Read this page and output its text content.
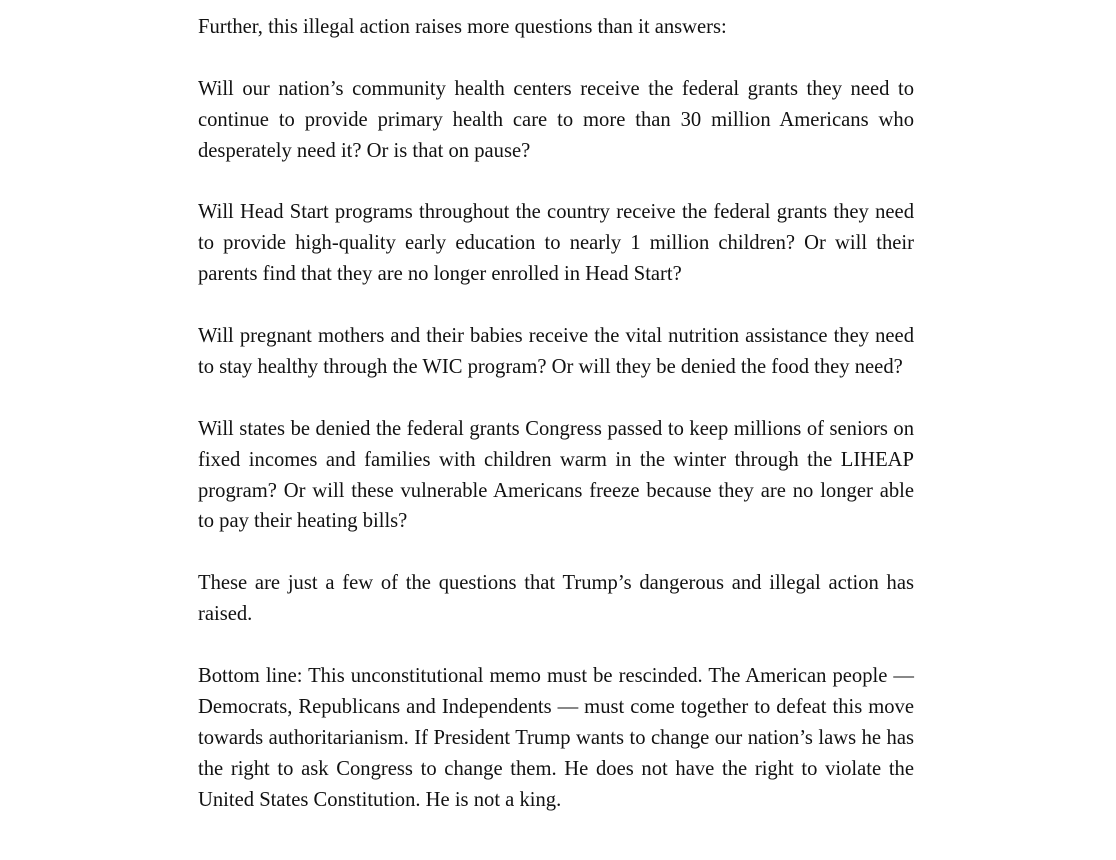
Further, this illegal action raises more questions than it answers:

Will our nation’s community health centers receive the federal grants they need to continue to provide primary health care to more than 30 million Americans who desperately need it? Or is that on pause?

Will Head Start programs throughout the country receive the federal grants they need to provide high-quality early education to nearly 1 million children? Or will their parents find that they are no longer enrolled in Head Start?

Will pregnant mothers and their babies receive the vital nutrition assistance they need to stay healthy through the WIC program? Or will they be denied the food they need?

Will states be denied the federal grants Congress passed to keep millions of seniors on fixed incomes and families with children warm in the winter through the LIHEAP program? Or will these vulnerable Americans freeze because they are no longer able to pay their heating bills?

These are just a few of the questions that Trump’s dangerous and illegal action has raised.

Bottom line: This unconstitutional memo must be rescinded. The American people — Democrats, Republicans and Independents — must come together to defeat this move towards authoritarianism. If President Trump wants to change our nation’s laws he has the right to ask Congress to change them. He does not have the right to violate the United States Constitution. He is not a king.
